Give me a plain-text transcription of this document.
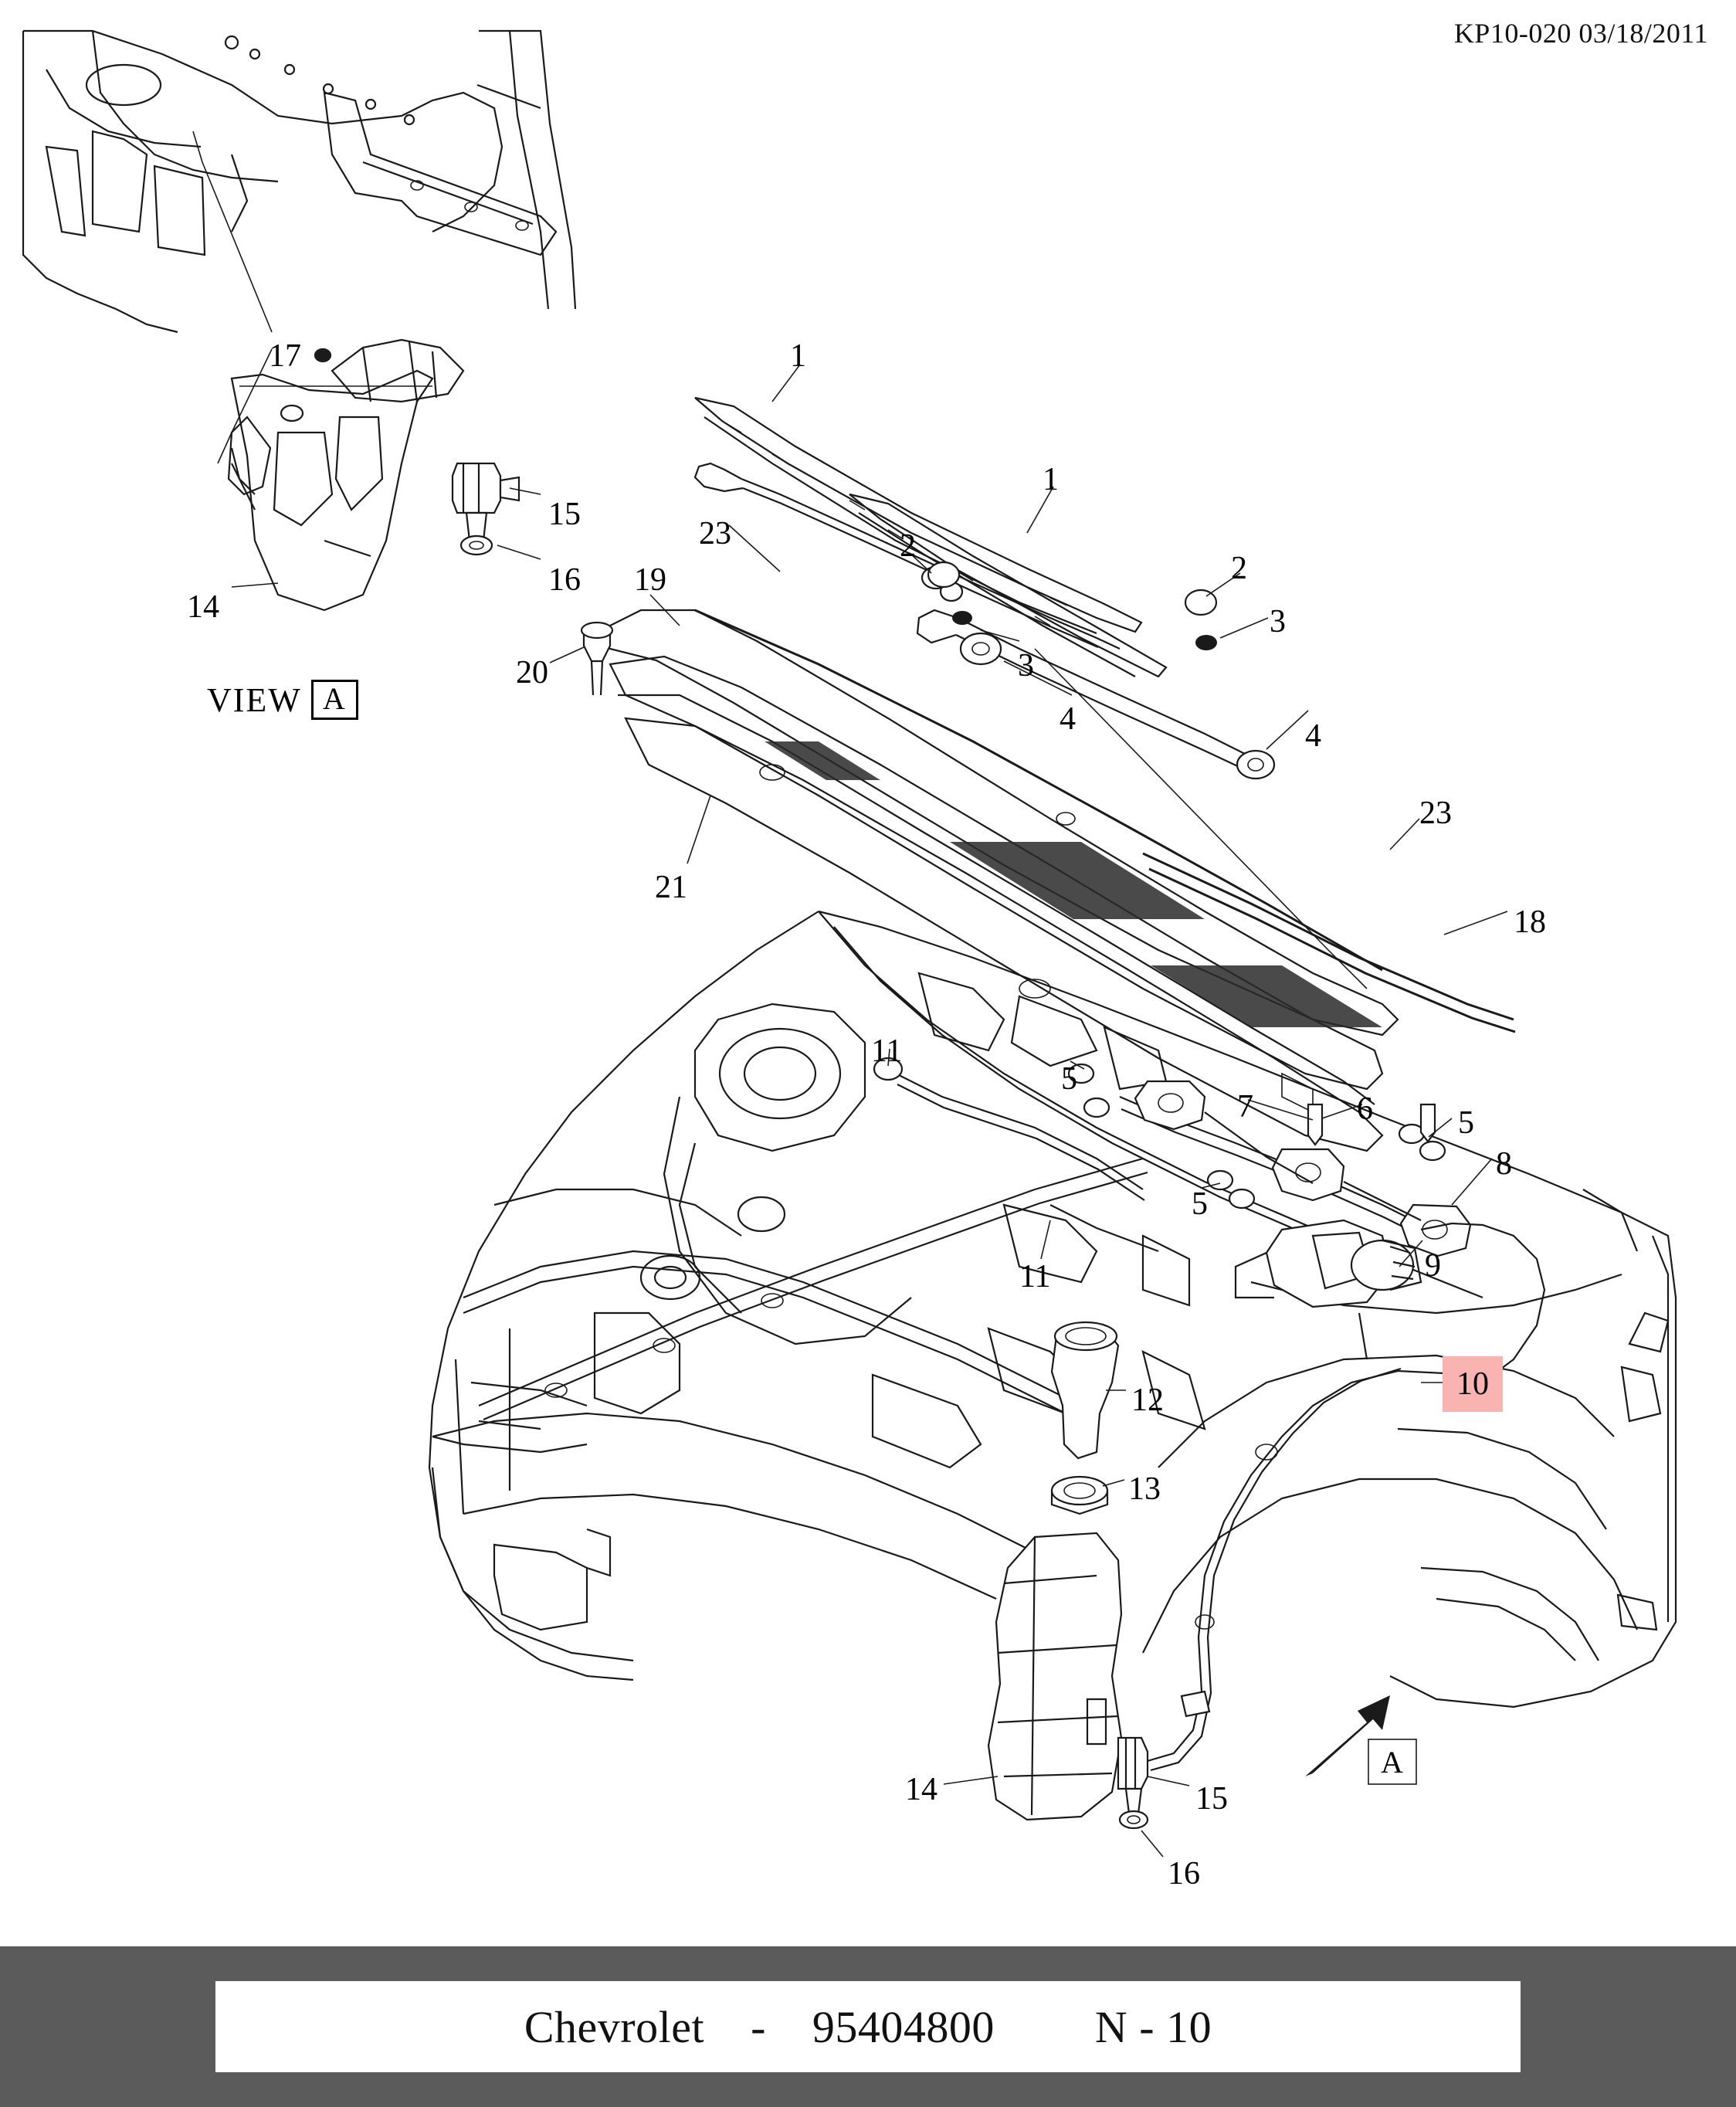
KP10-020 03/18/2011
1
1
2
2
3
3
4	4
5
5
5
6
7
8
9
11
11
12
13
14	15
16
18
19
20
21
23
23
14
15
16
17
10
VIEW A
A
Chevrolet - 95404800 N - 10
